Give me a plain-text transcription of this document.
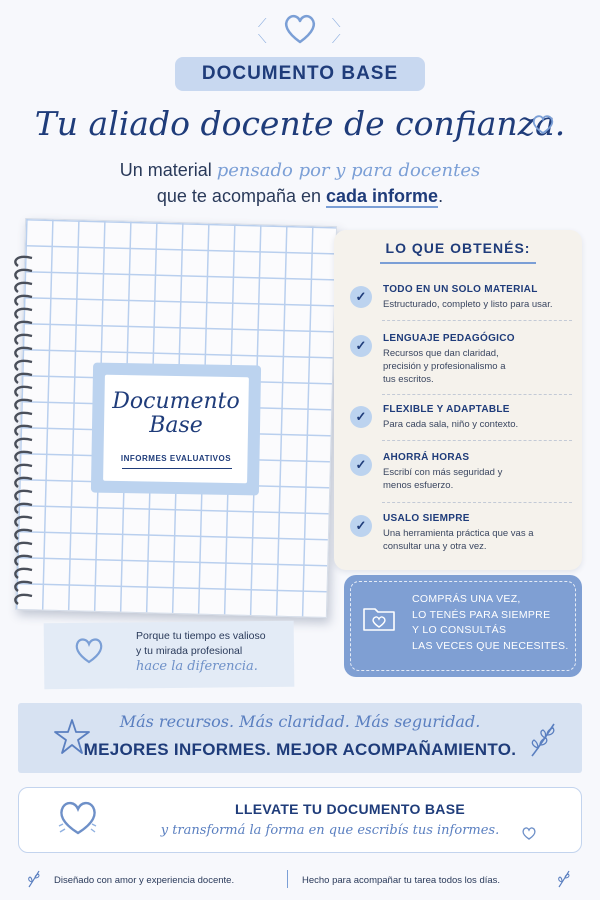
⟋
⟍
⟍
⟋
DOCUMENTO BASE
Tu aliado docente de confianza.
Un material pensado por y para docentes
que te acompaña en cada informe.
Documento
Base
INFORMES EVALUATIVOS
LO QUE OBTENÉS:
✓	TODO EN UN SOLO MATERIAL
Estructurado, completo y listo para usar.
✓	LENGUAJE PEDAGÓGICO
Recursos que dan claridad, precisión y profesionalismo a tus escritos.
✓	FLEXIBLE Y ADAPTABLE
Para cada sala, niño y contexto.
✓	AHORRÁ HORAS
Escribí con más seguridad y menos esfuerzo.
✓	USALO SIEMPRE
Una herramienta práctica que vas a consultar una y otra vez.
COMPRÁS UNA VEZ,
LO TENÉS PARA SIEMPRE
Y LO CONSULTÁS
LAS VECES QUE NECESITES.
Porque tu tiempo es valioso
y tu mirada profesional
hace la diferencia.
Más recursos. Más claridad. Más seguridad.
MEJORES INFORMES. MEJOR ACOMPAÑAMIENTO.
LLEVATE TU DOCUMENTO BASE
y transformá la forma en que escribís tus informes.
Diseñado con amor y experiencia docente.	Hecho para acompañar tu tarea todos los días.
